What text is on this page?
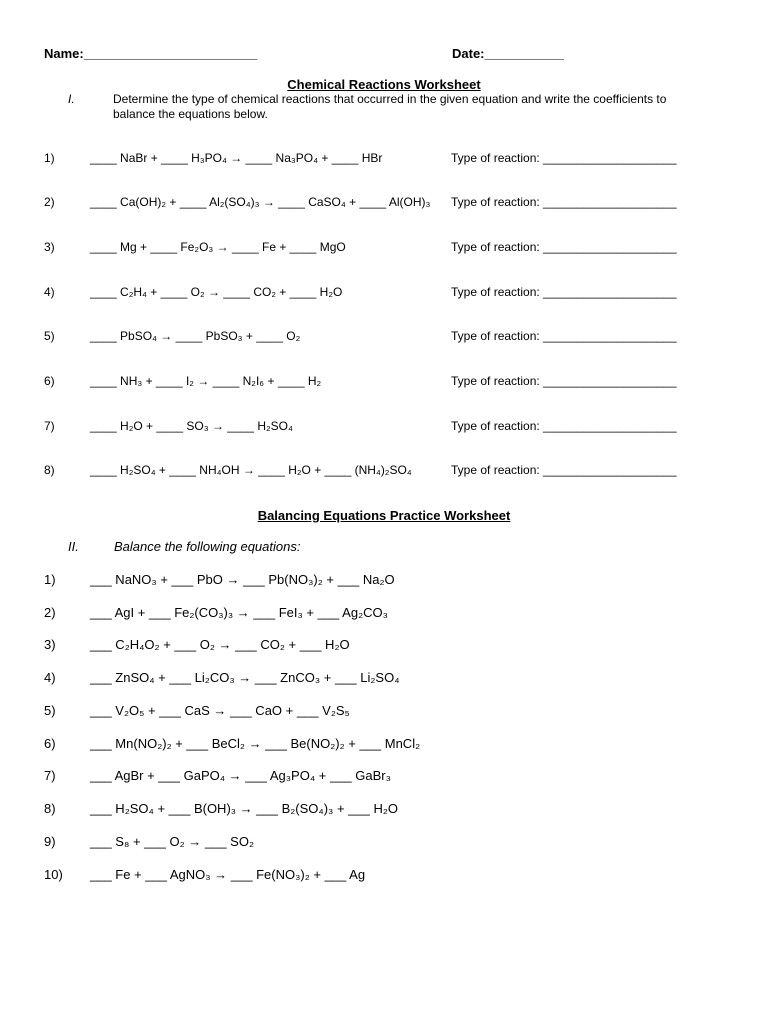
Name:________________________	Date:___________
Chemical Reactions Worksheet
I.	Determine the type of chemical reactions that occurred in the given equation and write the coefficients to balance the equations below.
1)	____ NaBr + ____ H₃PO₄ → ____ Na₃PO₄ + ____ HBr	Type of reaction: ____________________
2)	____ Ca(OH)₂ + ____ Al₂(SO₄)₃ → ____ CaSO₄ + ____ Al(OH)₃ Type of reaction: ____________________
3)	____ Mg + ____ Fe₂O₃ → ____ Fe + ____ MgO	Type of reaction: ____________________
4)	____ C₂H₄ + ____ O₂ → ____ CO₂ + ____ H₂O	Type of reaction: ____________________
5)	____ PbSO₄ → ____ PbSO₃ + ____ O₂	Type of reaction: ____________________
6)	____ NH₃ + ____ I₂ → ____ N₂I₆ + ____ H₂	Type of reaction: ____________________
7)	____ H₂O + ____ SO₃ → ____ H₂SO₄	Type of reaction: ____________________
8)	____ H₂SO₄ + ____ NH₄OH → ____ H₂O + ____ (NH₄)₂SO₄	Type of reaction: ____________________
Balancing Equations Practice Worksheet
II.	Balance the following equations:
1)	___ NaNO₃ + ___ PbO → ___ Pb(NO₃)₂ + ___ Na₂O
2)	___ AgI + ___ Fe₂(CO₃)₃ → ___ FeI₃ + ___ Ag₂CO₃
3)	___ C₂H₄O₂ + ___ O₂ → ___ CO₂ + ___ H₂O
4)	___ ZnSO₄ + ___ Li₂CO₃ → ___ ZnCO₃ + ___ Li₂SO₄
5)	___ V₂O₅ + ___ CaS → ___ CaO + ___ V₂S₅
6)	___ Mn(NO₂)₂ + ___ BeCl₂ → ___ Be(NO₂)₂ + ___ MnCl₂
7)	___ AgBr + ___ GaPO₄ → ___ Ag₃PO₄ + ___ GaBr₃
8)	___ H₂SO₄ + ___ B(OH)₃ → ___ B₂(SO₄)₃ + ___ H₂O
9)	___ S₈ + ___ O₂ → ___ SO₂
10) ___ Fe + ___ AgNO₃ → ___ Fe(NO₃)₂ + ___ Ag
